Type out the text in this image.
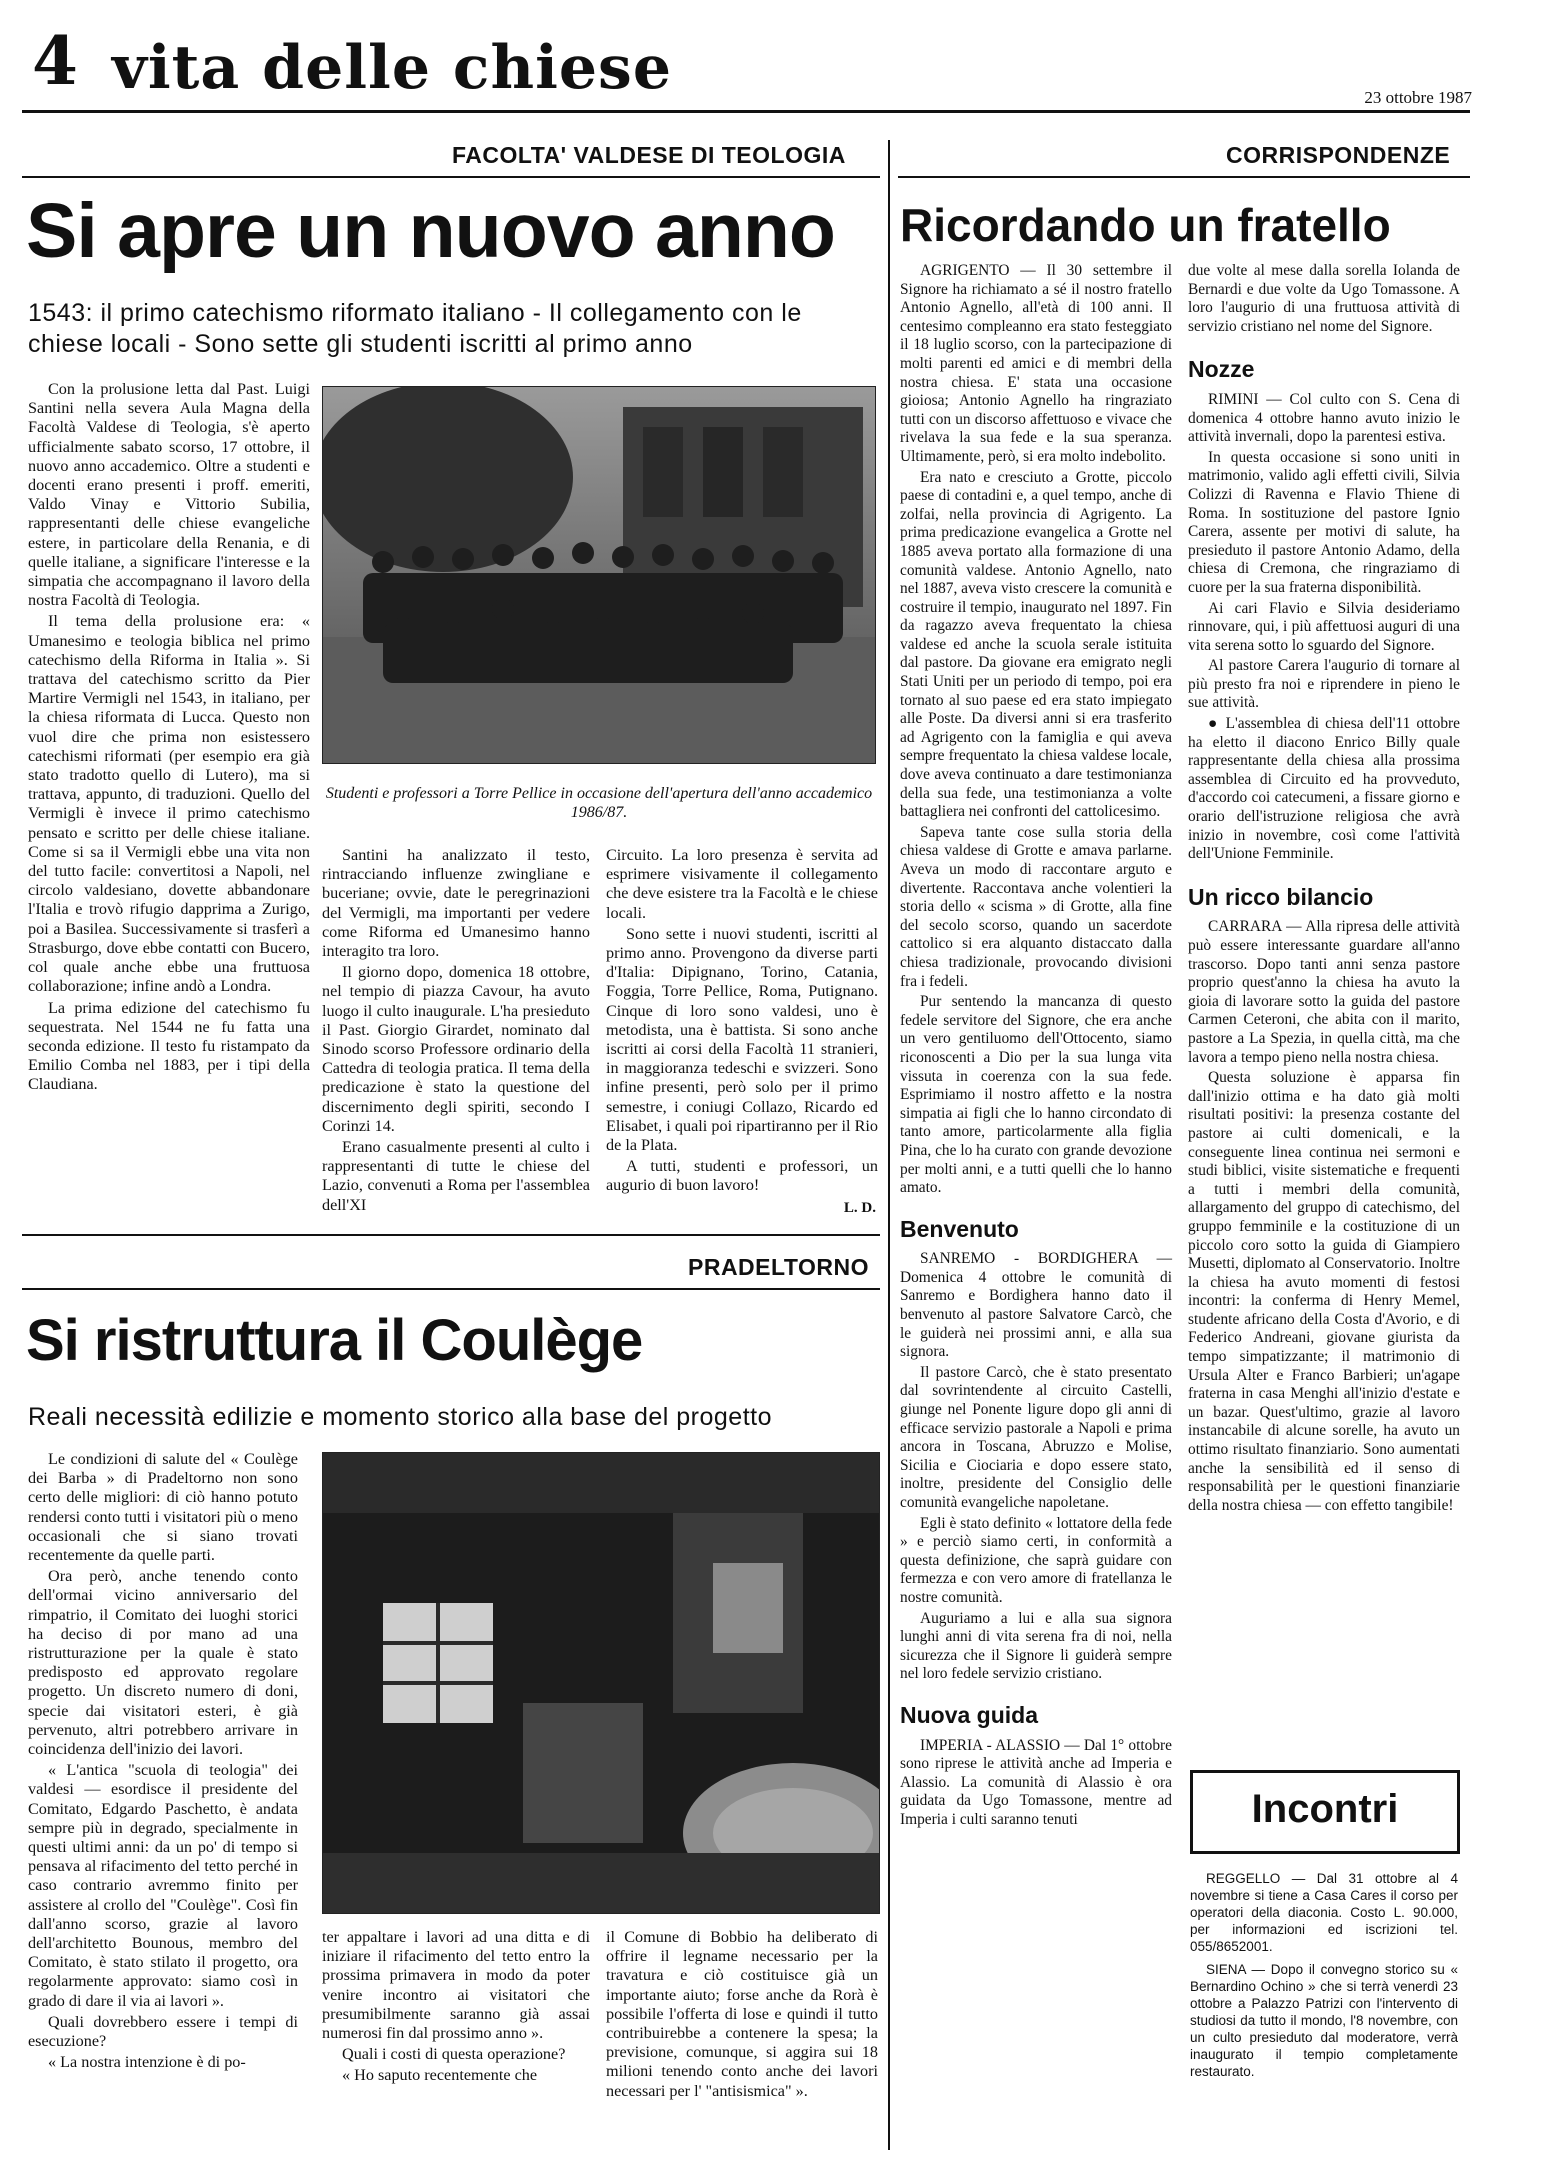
4 vita delle chiese	23 ottobre 1987
FACOLTA' VALDESE DI TEOLOGIA
Si apre un nuovo anno
1543: il primo catechismo riformato italiano - Il collegamento con le chiese locali - Sono sette gli studenti iscritti al primo anno

Con la prolusione letta dal Past. Luigi Santini nella severa Aula Magna della Facoltà Valdese di Teologia, s'è aperto ufficialmente sabato scorso, 17 ottobre, il nuovo anno accademico. Oltre a studenti e docenti erano presenti i proff. emeriti, Valdo Vinay e Vittorio Subilia, rappresentanti delle chiese evangeliche estere, in particolare della Renania, e di quelle italiane, a significare l'interesse e la simpatia che accompagnano il lavoro della nostra Facoltà di Teologia.

Il tema della prolusione era: « Umanesimo e teologia biblica nel primo catechismo della Riforma in Italia ». Si trattava del catechismo scritto da Pier Martire Vermigli nel 1543, in italiano, per la chiesa riformata di Lucca. Questo non vuol dire che prima non esistessero catechismi riformati (per esempio era già stato tradotto quello di Lutero), ma si trattava, appunto, di traduzioni. Quello del Vermigli è invece il primo catechismo pensato e scritto per delle chiese italiane. Come si sa il Vermigli ebbe una vita non del tutto facile: convertitosi a Napoli, nel circolo valdesiano, dovette abbandonare l'Italia e trovò rifugio dapprima a Zurigo, poi a Basilea. Successivamente si trasferì a Strasburgo, dove ebbe contatti con Bucero, col quale anche ebbe una fruttuosa collaborazione; infine andò a Londra.

La prima edizione del catechismo fu sequestrata. Nel 1544 ne fu fatta una seconda edizione. Il testo fu ristampato da Emilio Comba nel 1883, per i tipi della Claudiana.

Studenti e professori a Torre Pellice in occasione dell'apertura dell'anno accademico 1986/87.

Santini ha analizzato il testo, rintracciando influenze zwingliane e buceriane; ovvie, date le peregrinazioni del Vermigli, ma importanti per vedere come Riforma ed Umanesimo hanno interagito tra loro.

Il giorno dopo, domenica 18 ottobre, nel tempio di piazza Cavour, ha avuto luogo il culto inaugurale. L'ha presieduto il Past. Giorgio Girardet, nominato dal Sinodo scorso Professore ordinario della Cattedra di teologia pratica. Il tema della predicazione è stato la questione del discernimento degli spiriti, secondo I Corinzi 14.

Erano casualmente presenti al culto i rappresentanti di tutte le chiese del Lazio, convenuti a Roma per l'assemblea dell'XI

Circuito. La loro presenza è servita ad esprimere visivamente il collegamento che deve esistere tra la Facoltà e le chiese locali.

Sono sette i nuovi studenti, iscritti al primo anno. Provengono da diverse parti d'Italia: Dipignano, Torino, Catania, Foggia, Torre Pellice, Roma, Putignano. Cinque di loro sono valdesi, uno è metodista, una è battista. Si sono anche iscritti ai corsi della Facoltà 11 stranieri, in maggioranza tedeschi e svizzeri. Sono infine presenti, però solo per il primo semestre, i coniugi Collazo, Ricardo ed Elisabet, i quali poi ripartiranno per il Rio de la Plata.

A tutti, studenti e professori, un augurio di buon lavoro!

L. D.
PRADELTORNO
Si ristruttura il Coulège
Reali necessità edilizie e momento storico alla base del progetto

Le condizioni di salute del « Coulège dei Barba » di Pradeltorno non sono certo delle migliori: di ciò hanno potuto rendersi conto tutti i visitatori più o meno occasionali che si siano trovati recentemente da quelle parti.

Ora però, anche tenendo conto dell'ormai vicino anniversario del rimpatrio, il Comitato dei luoghi storici ha deciso di por mano ad una ristrutturazione per la quale è stato predisposto ed approvato regolare progetto. Un discreto numero di doni, specie dai visitatori esteri, è già pervenuto, altri potrebbero arrivare in coincidenza dell'inizio dei lavori.

« L'antica "scuola di teologia" dei valdesi — esordisce il presidente del Comitato, Edgardo Paschetto, è andata sempre più in degrado, specialmente in questi ultimi anni: da un po' di tempo si pensava al rifacimento del tetto perché in caso contrario avremmo finito per assistere al crollo del "Coulège". Così fin dall'anno scorso, grazie al lavoro dell'architetto Bounous, membro del Comitato, è stato stilato il progetto, ora regolarmente approvato: siamo così in grado di dare il via ai lavori ».

Quali dovrebbero essere i tempi di esecuzione?

« La nostra intenzione è di po-

ter appaltare i lavori ad una ditta e di iniziare il rifacimento del tetto entro la prossima primavera in modo da poter venire incontro ai visitatori che presumibilmente saranno già assai numerosi fin dal prossimo anno ».

Quali i costi di questa operazione?

« Ho saputo recentemente che

il Comune di Bobbio ha deliberato di offrire il legname necessario per la travatura e ciò costituisce già un importante aiuto; forse anche da Rorà è possibile l'offerta di lose e quindi il tutto contribuirebbe a contenere la spesa; la previsione, comunque, si aggira sui 18 milioni tenendo conto anche dei lavori necessari per l' "antisismica" ».

CORRISPONDENZE
Ricordando un fratello

AGRIGENTO — Il 30 settembre il Signore ha richiamato a sé il nostro fratello Antonio Agnello, all'età di 100 anni. Il centesimo compleanno era stato festeggiato il 18 luglio scorso, con la partecipazione di molti parenti ed amici e di membri della nostra chiesa. E' stata una occasione gioiosa; Antonio Agnello ha ringraziato tutti con un discorso affettuoso e vivace che rivelava la sua fede e la sua speranza. Ultimamente, però, si era molto indebolito.

Era nato e cresciuto a Grotte, piccolo paese di contadini e, a quel tempo, anche di zolfai, nella provincia di Agrigento. La prima predicazione evangelica a Grotte nel 1885 aveva portato alla formazione di una comunità valdese. Antonio Agnello, nato nel 1887, aveva visto crescere la comunità e costruire il tempio, inaugurato nel 1897. Fin da ragazzo aveva frequentato la chiesa valdese ed anche la scuola serale istituita dal pastore. Da giovane era emigrato negli Stati Uniti per un periodo di tempo, poi era tornato al suo paese ed era stato impiegato alle Poste. Da diversi anni si era trasferito ad Agrigento con la famiglia e qui aveva sempre frequentato la chiesa valdese locale, dove aveva continuato a dare testimonianza della sua fede, una testimonianza a volte battagliera nei confronti del cattolicesimo.

Sapeva tante cose sulla storia della chiesa valdese di Grotte e amava parlarne. Aveva un modo di raccontare arguto e divertente. Raccontava anche volentieri la storia dello « scisma » di Grotte, alla fine del secolo scorso, quando un sacerdote cattolico si era alquanto distaccato dalla chiesa tradizionale, provocando divisioni fra i fedeli.

Pur sentendo la mancanza di questo fedele servitore del Signore, che era anche un vero gentiluomo dell'Ottocento, siamo riconoscenti a Dio per la sua lunga vita vissuta in coerenza con la sua fede. Esprimiamo il nostro affetto e la nostra simpatia ai figli che lo hanno circondato di tanto amore, particolarmente alla figlia Pina, che lo ha curato con grande devozione per molti anni, e a tutti quelli che lo hanno amato.

Benvenuto

SANREMO - BORDIGHERA — Domenica 4 ottobre le comunità di Sanremo e Bordighera hanno dato il benvenuto al pastore Salvatore Carcò, che le guiderà nei prossimi anni, e alla sua signora.

Il pastore Carcò, che è stato presentato dal sovrintendente al circuito Castelli, giunge nel Ponente ligure dopo gli anni di efficace servizio pastorale a Napoli e prima ancora in Toscana, Abruzzo e Molise, Sicilia e Ciociaria e dopo essere stato, inoltre, presidente del Consiglio delle comunità evangeliche napoletane.

Egli è stato definito « lottatore della fede » e perciò siamo certi, in conformità a questa definizione, che saprà guidare con fermezza e con vero amore di fratellanza le nostre comunità.

Auguriamo a lui e alla sua signora lunghi anni di vita serena fra di noi, nella sicurezza che il Signore li guiderà sempre nel loro fedele servizio cristiano.

Nuova guida

IMPERIA - ALASSIO — Dal 1° ottobre sono riprese le attività anche ad Imperia e Alassio. La comunità di Alassio è ora guidata da Ugo Tomassone, mentre ad Imperia i culti saranno tenuti

due volte al mese dalla sorella Iolanda de Bernardi e due volte da Ugo Tomassone. A loro l'augurio di una fruttuosa attività di servizio cristiano nel nome del Signore.

Nozze

RIMINI — Col culto con S. Cena di domenica 4 ottobre hanno avuto inizio le attività invernali, dopo la parentesi estiva.

In questa occasione si sono uniti in matrimonio, valido agli effetti civili, Silvia Colizzi di Ravenna e Flavio Thiene di Roma. In sostituzione del pastore Ignio Carera, assente per motivi di salute, ha presieduto il pastore Antonio Adamo, della chiesa di Cremona, che ringraziamo di cuore per la sua fraterna disponibilità.

Ai cari Flavio e Silvia desideriamo rinnovare, qui, i più affettuosi auguri di una vita serena sotto lo sguardo del Signore.

Al pastore Carera l'augurio di tornare al più presto fra noi e riprendere in pieno le sue attività.

● L'assemblea di chiesa dell'11 ottobre ha eletto il diacono Enrico Billy quale rappresentante della chiesa alla prossima assemblea di Circuito ed ha provveduto, d'accordo coi catecumeni, a fissare giorno e orario dell'istruzione religiosa che avrà inizio in novembre, così come l'attività dell'Unione Femminile.

Un ricco bilancio

CARRARA — Alla ripresa delle attività può essere interessante guardare all'anno trascorso. Dopo tanti anni senza pastore proprio quest'anno la chiesa ha avuto la gioia di lavorare sotto la guida del pastore Carmen Ceteroni, che abita con il marito, pastore a La Spezia, in quella città, ma che lavora a tempo pieno nella nostra chiesa.

Questa soluzione è apparsa fin dall'inizio ottima e ha dato già molti risultati positivi: la presenza costante del pastore ai culti domenicali, e la conseguente linea continua nei sermoni e studi biblici, visite sistematiche e frequenti a tutti i membri della comunità, allargamento del gruppo di catechismo, del gruppo femminile e la costituzione di un piccolo coro sotto la guida di Giampiero Musetti, diplomato al Conservatorio. Inoltre la chiesa ha avuto momenti di festosi incontri: la conferma di Henry Memel, studente africano della Costa d'Avorio, e di Federico Andreani, giovane giurista da tempo simpatizzante; il matrimonio di Ursula Alter e Franco Barbieri; un'agape fraterna in casa Menghi all'inizio d'estate e un bazar. Quest'ultimo, grazie al lavoro instancabile di alcune sorelle, ha avuto un ottimo risultato finanziario. Sono aumentati anche la sensibilità ed il senso di responsabilità per le questioni finanziarie della nostra chiesa — con effetto tangibile!

Incontri

REGGELLO — Dal 31 ottobre al 4 novembre si tiene a Casa Cares il corso per operatori della diaconia. Costo L. 90.000, per informazioni ed iscrizioni tel. 055/8652001.

SIENA — Dopo il convegno storico su « Bernardino Ochino » che si terrà venerdì 23 ottobre a Palazzo Patrizi con l'intervento di studiosi da tutto il mondo, l'8 novembre, con un culto presieduto dal moderatore, verrà inaugurato il tempio completamente restaurato.
